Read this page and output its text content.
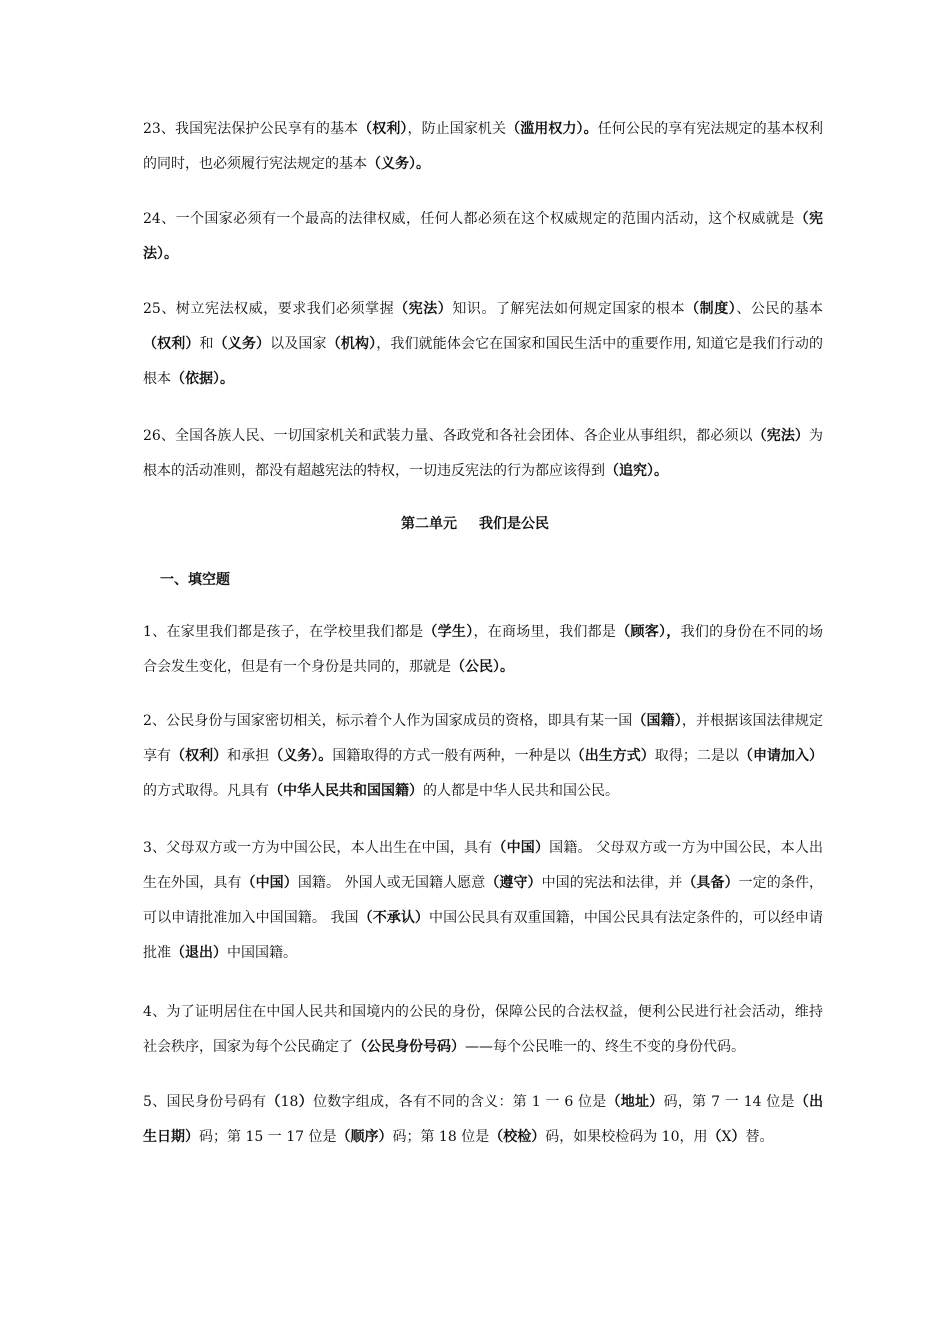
23、我国宪法保护公民享有的基本（权利），防止国家机关（滥用权力）。任何公民的享有宪法规定的基本权利的同时，也必须履行宪法规定的基本（义务）。

24、一个国家必须有一个最高的法律权威，任何人都必须在这个权威规定的范围内活动，这个权威就是（宪法）。

25、树立宪法权威，要求我们必须掌握（宪法）知识。了解宪法如何规定国家的根本（制度）、公民的基本（权利）和（义务）以及国家（机构），我们就能体会它在国家和国民生活中的重要作用, 知道它是我们行动的根本（依据）。

26、全国各族人民、一切国家机关和武装力量、各政党和各社会团体、各企业从事组织，都必须以（宪法）为根本的活动准则，都没有超越宪法的特权，一切违反宪法的行为都应该得到（追究）。

第二单元 我们是公民
一、填空题

1、在家里我们都是孩子，在学校里我们都是（学生），在商场里，我们都是（顾客），我们的身份在不同的场合会发生变化，但是有一个身份是共同的，那就是（公民）。

2、公民身份与国家密切相关，标示着个人作为国家成员的资格，即具有某一国（国籍），并根据该国法律规定享有（权利）和承担（义务）。国籍取得的方式一般有两种，一种是以（出生方式）取得；二是以（申请加入）的方式取得。凡具有（中华人民共和国国籍）的人都是中华人民共和国公民。

3、父母双方或一方为中国公民，本人出生在中国，具有（中国）国籍。 父母双方或一方为中国公民，本人出生在外国，具有（中国）国籍。 外国人或无国籍人愿意（遵守）中国的宪法和法律，并（具备）一定的条件，可以申请批准加入中国国籍。 我国（不承认）中国公民具有双重国籍，中国公民具有法定条件的，可以经申请批准（退出）中国国籍。

4、为了证明居住在中国人民共和国境内的公民的身份，保障公民的合法权益，便利公民进行社会活动，维持社会秩序，国家为每个公民确定了（公民身份号码）——每个公民唯一的、终生不变的身份代码。

5、国民身份号码有（18）位数字组成，各有不同的含义：第 1 一 6 位是（地址）码，第 7 一 14 位是（出生日期）码；第 15 一 17 位是（顺序）码；第 18 位是（校检）码，如果校检码为 10，用（X）替。
